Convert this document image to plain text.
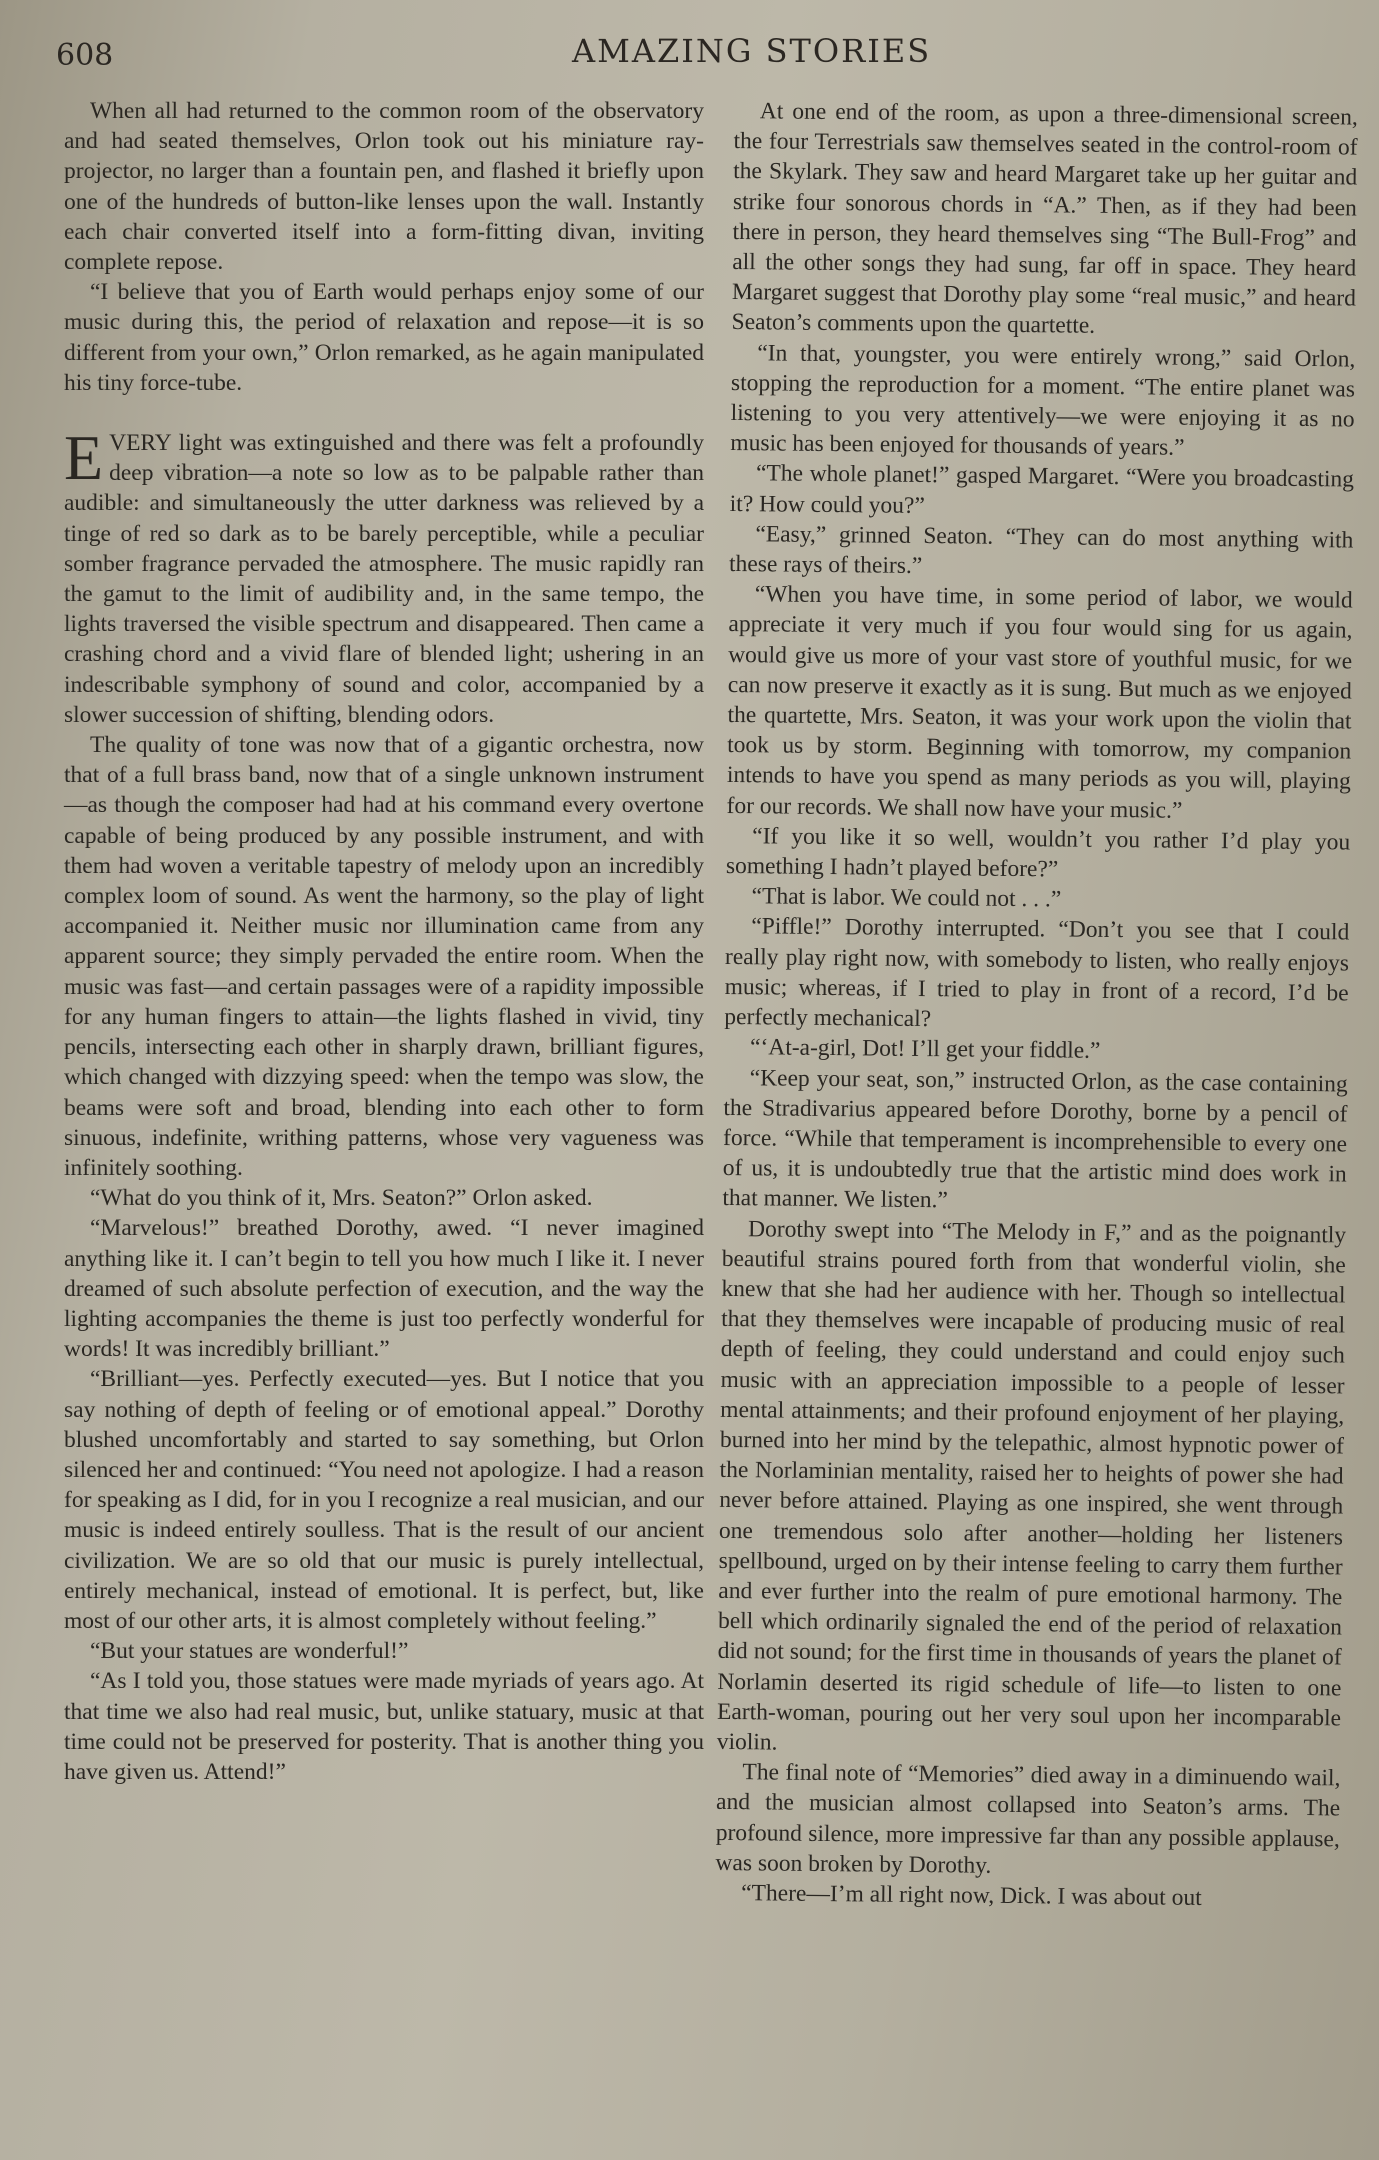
608	AMAZING STORIES

When all had returned to the common room of the observatory and had seated themselves, Orlon took out his miniature ray-projector, no larger than a fountain pen, and flashed it briefly upon one of the hundreds of button-like lenses upon the wall. Instantly each chair converted itself into a form-fitting divan, inviting complete repose.

“I believe that you of Earth would perhaps enjoy some of our music during this, the period of relaxation and repose—it is so different from your own,” Orlon remarked, as he again manipulated his tiny force-tube.

EVERY light was extinguished and there was felt a profoundly deep vibration—a note so low as to be palpable rather than audible: and simultaneously the utter darkness was relieved by a tinge of red so dark as to be barely perceptible, while a peculiar somber fragrance pervaded the atmosphere. The music rapidly ran the gamut to the limit of audibility and, in the same tempo, the lights traversed the visible spectrum and disappeared. Then came a crashing chord and a vivid flare of blended light; ushering in an indescribable symphony of sound and color, accompanied by a slower succession of shifting, blending odors.

The quality of tone was now that of a gigantic orchestra, now that of a full brass band, now that of a single unknown instrument—as though the composer had had at his command every overtone capable of being produced by any possible instrument, and with them had woven a veritable tapestry of melody upon an incredibly complex loom of sound. As went the harmony, so the play of light accompanied it. Neither music nor illumination came from any apparent source; they simply pervaded the entire room. When the music was fast—and certain passages were of a rapidity impossible for any human fingers to attain—the lights flashed in vivid, tiny pencils, intersecting each other in sharply drawn, brilliant figures, which changed with dizzying speed: when the tempo was slow, the beams were soft and broad, blending into each other to form sinuous, indefinite, writhing patterns, whose very vagueness was infinitely soothing.

“What do you think of it, Mrs. Seaton?” Orlon asked.

“Marvelous!” breathed Dorothy, awed. “I never imagined anything like it. I can’t begin to tell you how much I like it. I never dreamed of such absolute perfection of execution, and the way the lighting accompanies the theme is just too perfectly wonderful for words! It was incredibly brilliant.”

“Brilliant—yes. Perfectly executed—yes. But I notice that you say nothing of depth of feeling or of emotional appeal.” Dorothy blushed uncomfortably and started to say something, but Orlon silenced her and continued: “You need not apologize. I had a reason for speaking as I did, for in you I recognize a real musician, and our music is indeed entirely soulless. That is the result of our ancient civilization. We are so old that our music is purely intellectual, entirely mechanical, instead of emotional. It is perfect, but, like most of our other arts, it is almost completely without feeling.”

“But your statues are wonderful!”

“As I told you, those statues were made myriads of years ago. At that time we also had real music, but, unlike statuary, music at that time could not be preserved for posterity. That is another thing you have given us. Attend!”

At one end of the room, as upon a three-dimensional screen, the four Terrestrials saw themselves seated in the control-room of the Skylark. They saw and heard Margaret take up her guitar and strike four sonorous chords in “A.” Then, as if they had been there in person, they heard themselves sing “The Bull-Frog” and all the other songs they had sung, far off in space. They heard Margaret suggest that Dorothy play some “real music,” and heard Seaton’s comments upon the quartette.

“In that, youngster, you were entirely wrong,” said Orlon, stopping the reproduction for a moment. “The entire planet was listening to you very attentively—we were enjoying it as no music has been enjoyed for thousands of years.”

“The whole planet!” gasped Margaret. “Were you broadcasting it? How could you?”

“Easy,” grinned Seaton. “They can do most anything with these rays of theirs.”

“When you have time, in some period of labor, we would appreciate it very much if you four would sing for us again, would give us more of your vast store of youthful music, for we can now preserve it exactly as it is sung. But much as we enjoyed the quartette, Mrs. Seaton, it was your work upon the violin that took us by storm. Beginning with tomorrow, my companion intends to have you spend as many periods as you will, playing for our records. We shall now have your music.”

“If you like it so well, wouldn’t you rather I’d play you something I hadn’t played before?”

“That is labor. We could not . . .”

“Piffle!” Dorothy interrupted. “Don’t you see that I could really play right now, with somebody to listen, who really enjoys music; whereas, if I tried to play in front of a record, I’d be perfectly mechanical?

“‘At-a-girl, Dot! I’ll get your fiddle.”

“Keep your seat, son,” instructed Orlon, as the case containing the Stradivarius appeared before Dorothy, borne by a pencil of force. “While that temperament is incomprehensible to every one of us, it is undoubtedly true that the artistic mind does work in that manner. We listen.”

Dorothy swept into “The Melody in F,” and as the poignantly beautiful strains poured forth from that wonderful violin, she knew that she had her audience with her. Though so intellectual that they themselves were incapable of producing music of real depth of feeling, they could understand and could enjoy such music with an appreciation impossible to a people of lesser mental attainments; and their profound enjoyment of her playing, burned into her mind by the telepathic, almost hypnotic power of the Norlaminian mentality, raised her to heights of power she had never before attained. Playing as one inspired, she went through one tremendous solo after another—holding her listeners spellbound, urged on by their intense feeling to carry them further and ever further into the realm of pure emotional harmony. The bell which ordinarily signaled the end of the period of relaxation did not sound; for the first time in thousands of years the planet of Norlamin deserted its rigid schedule of life—to listen to one Earth-woman, pouring out her very soul upon her incomparable violin.

The final note of “Memories” died away in a diminuendo wail, and the musician almost collapsed into Seaton’s arms. The profound silence, more impressive far than any possible applause, was soon broken by Dorothy.

“There—I’m all right now, Dick. I was about out
